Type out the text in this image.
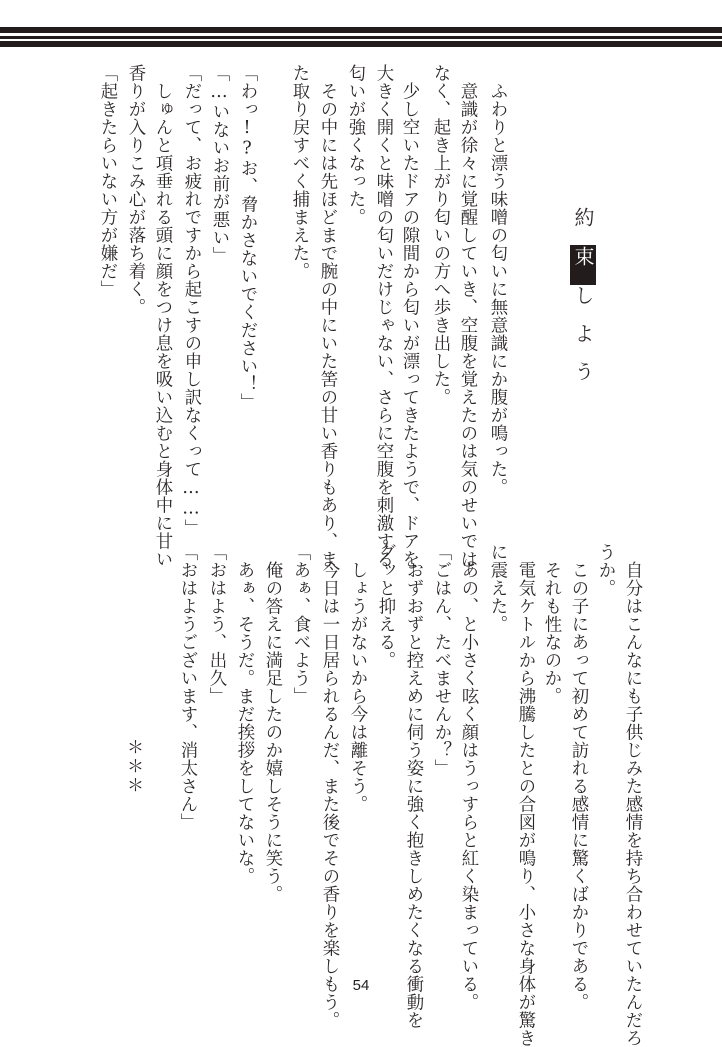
約束しよう
　ふわりと漂う味噌の匂いに無意識にか腹が鳴った。
　意識が徐々に覚醒していき、空腹を覚えたのは気のせいでは
なく、起き上がり匂いの方へ歩き出した。
　少し空いたドアの隙間から匂いが漂ってきたようで、ドアを
大きく開くと味噌の匂いだけじゃない、さらに空腹を刺激する
匂いが強くなった。
　その中には先ほどまで腕の中にいた筈の甘い香りもあり、ま
た取り戻すべく捕まえた。
「わっ!?お、脅かさないでください！」
「…いないお前が悪い」
「だって、お疲れですから起こすの申し訳なくって……」
　しゅんと項垂れる頭に顔をつけ息を吸い込むと身体中に甘い
香りが入りこみ心が落ち着く。
「起きたらいない方が嫌だ」
　自分はこんなにも子供じみた感情を持ち合わせていたんだろ
うか。
　この子にあって初めて訪れる感情に驚くばかりである。
　それも性なのか。
　電気ケトルから沸騰したとの合図が鳴り、小さな身体が驚き
に震えた。
　あの、と小さく呟く顔はうっすらと紅く染まっている。
「ごはん、たべませんか？」
　おずおずと控えめに伺う姿に強く抱きしめたくなる衝動を
グッと抑える。
　しょうがないから今は離そう。
　今日は一日居られるんだ、また後でその香りを楽しもう。
「あぁ、食べよう」
　俺の答えに満足したのか嬉しそうに笑う。
　あぁ、そうだ。まだ挨拶をしてないな。
「おはよう、出久」
「おはようございます、消太さん」
＊＊＊
54
